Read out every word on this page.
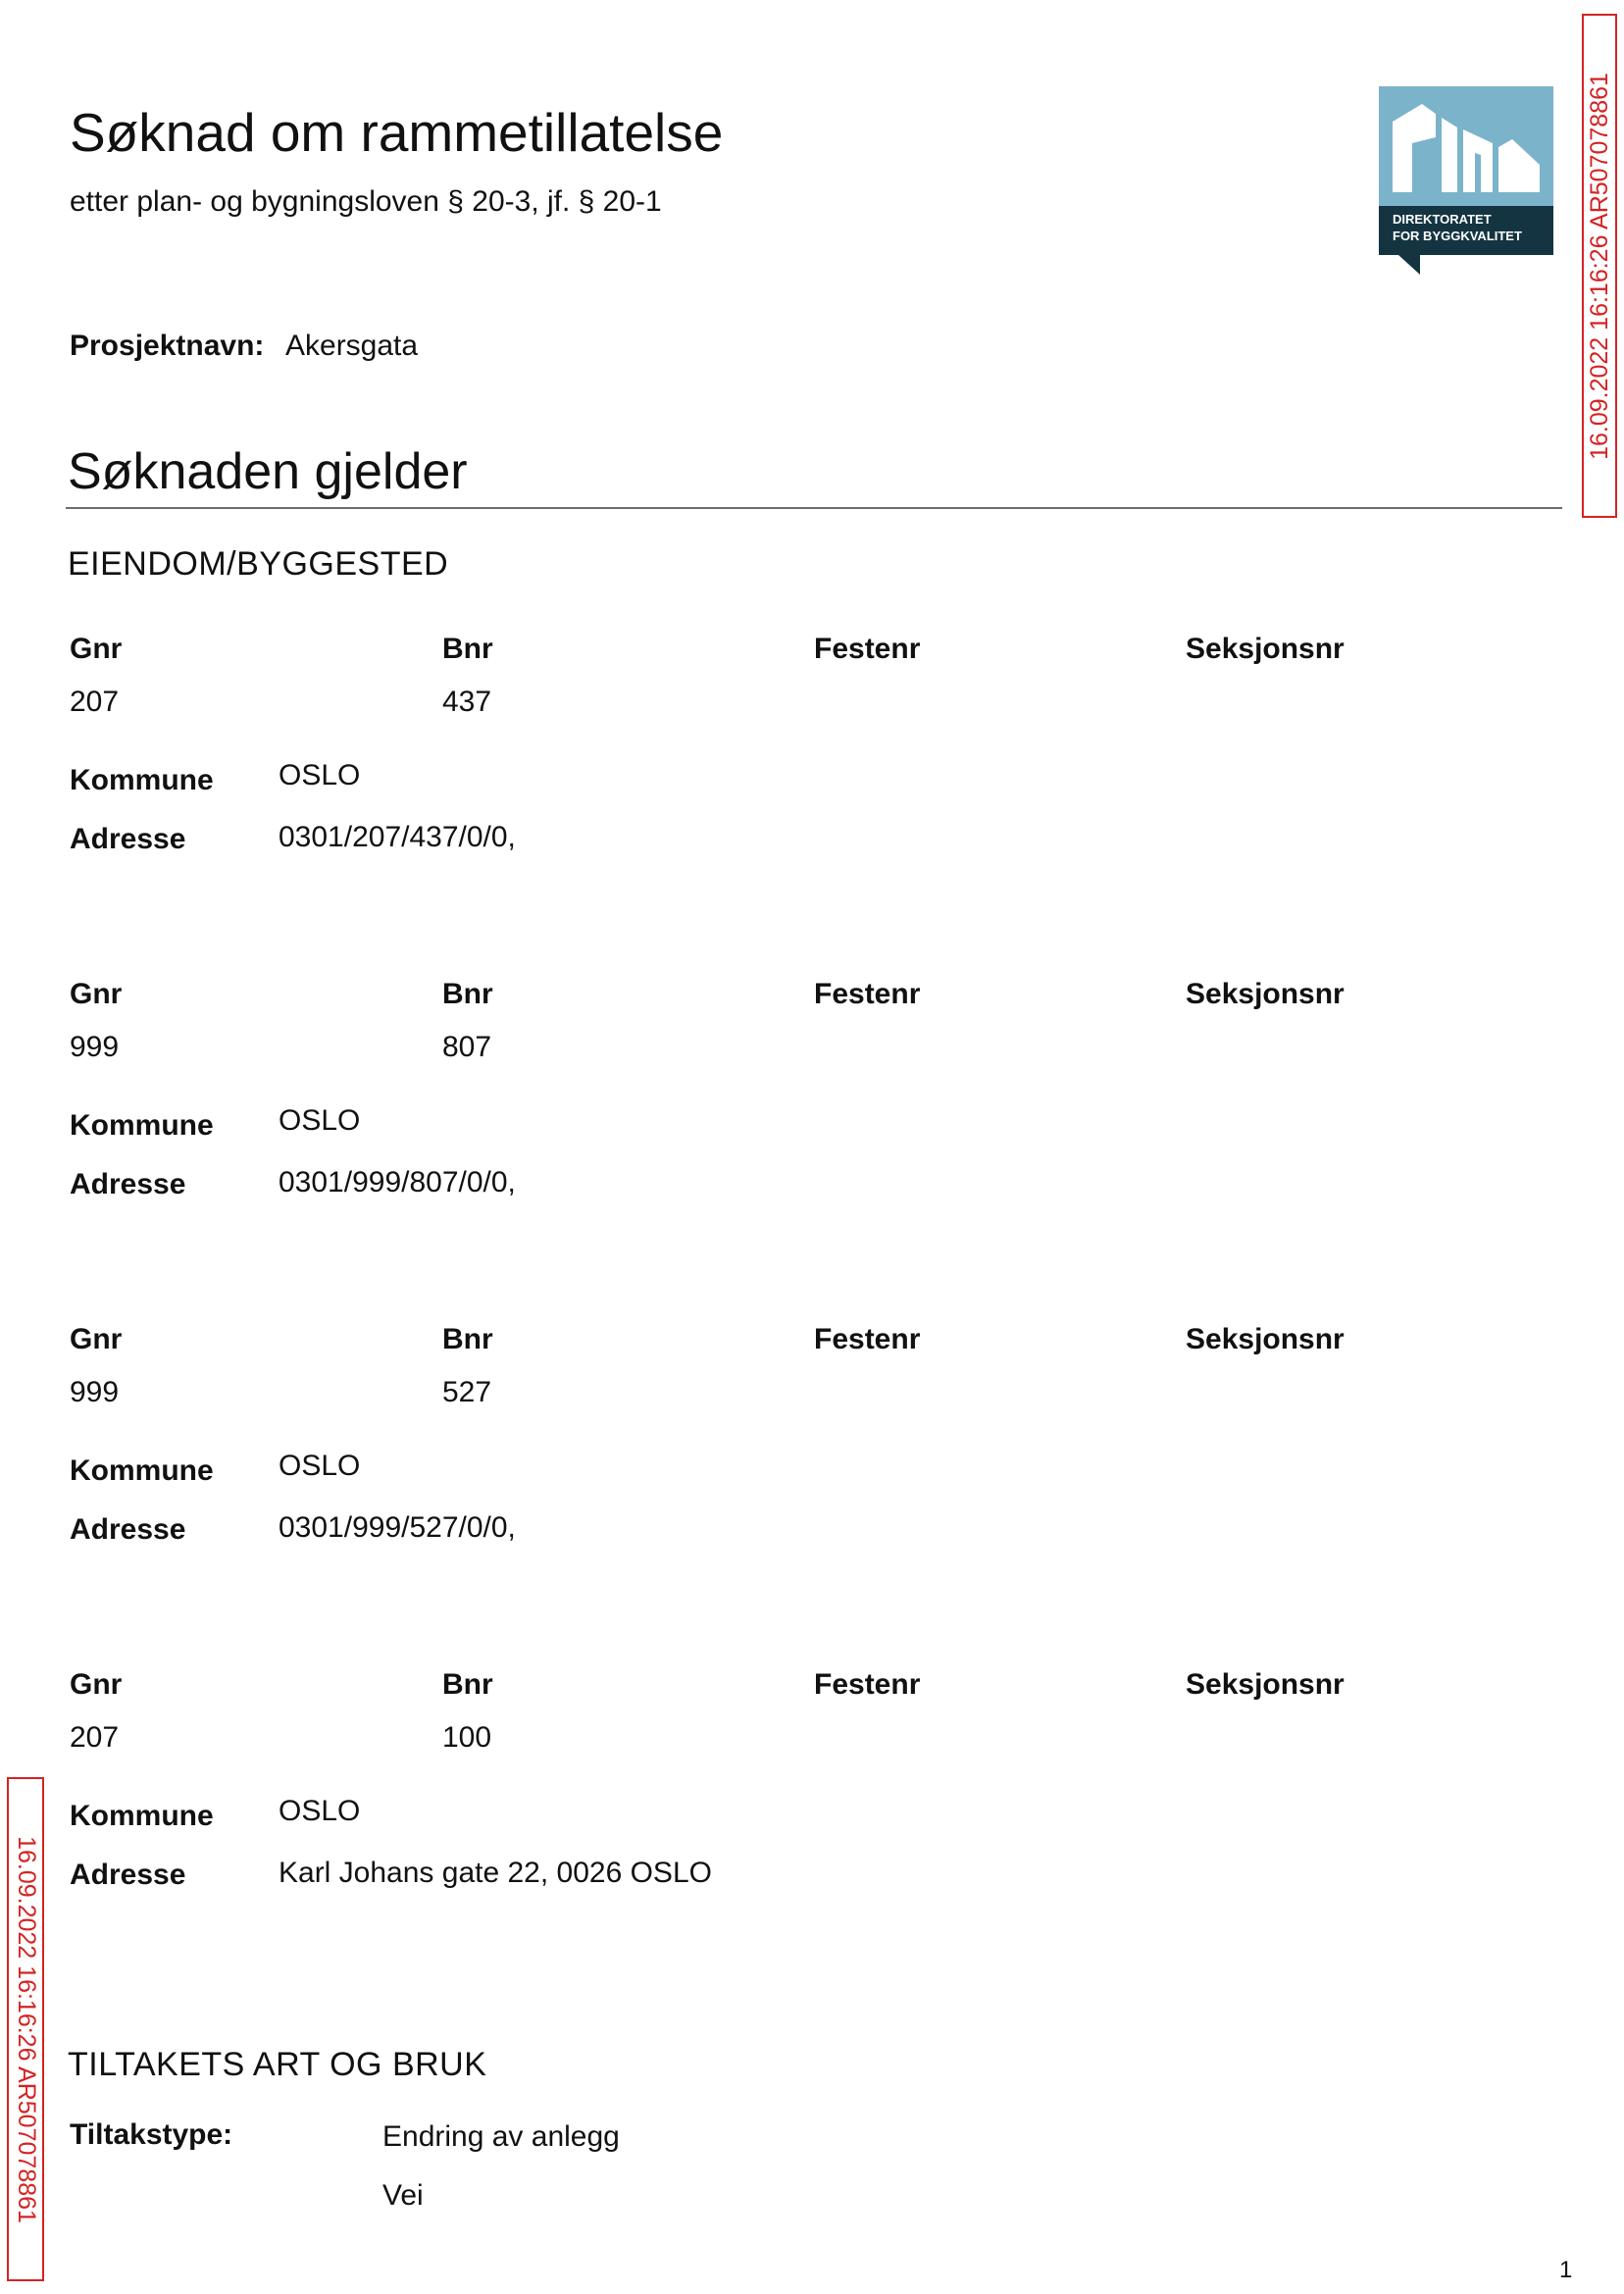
Søknad om rammetillatelse
etter plan- og bygningsloven § 20-3, jf. § 20-1
DIREKTORATET
FOR BYGGKVALITET	16.09.2022 16:16:26 AR507078861
16.09.2022 16:16:26 AR507078861
Prosjektnavn: Akersgata
Søknaden gjelder
EIENDOM/BYGGESTED
Gnr	Bnr	Festenr	Seksjonsnr
207	437
Kommune OSLO
Adresse	0301/207/437/0/0,
Gnr	Bnr	Festenr	Seksjonsnr
999	807
Kommune OSLO
Adresse	0301/999/807/0/0,
Gnr	Bnr	Festenr	Seksjonsnr
999	527
Kommune OSLO
Adresse	0301/999/527/0/0,
Gnr	Bnr	Festenr	Seksjonsnr
207	100
Kommune OSLO
Adresse	Karl Johans gate 22, 0026 OSLO
TILTAKETS ART OG BRUK
Tiltakstype:	Endring av anlegg
Vei
1
